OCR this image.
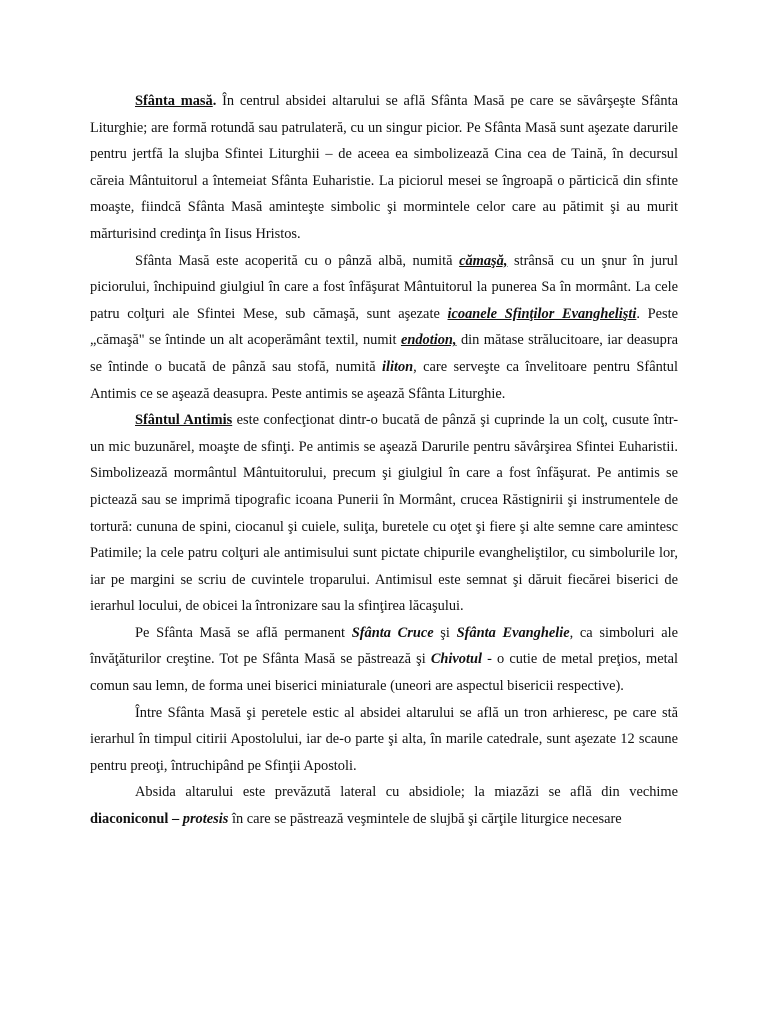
Sfânta masă. În centrul absidei altarului se află Sfânta Masă pe care se săvârşeşte Sfânta Liturghie; are formă rotundă sau patrulateră, cu un singur picior. Pe Sfânta Masă sunt aşezate darurile pentru jertfă la slujba Sfintei Liturghii – de aceea ea simbolizează Cina cea de Taină, în decursul căreia Mântuitorul a întemeiat Sfânta Euharistie. La piciorul mesei se îngroapă o părticică din sfinte moaşte, fiindcă Sfânta Masă aminteşte simbolic şi mormintele celor care au pătimit şi au murit mărturisind credinţa în Iisus Hristos.

Sfânta Masă este acoperită cu o pânză albă, numită cămaşă, strânsă cu un şnur în jurul piciorului, închipuind giulgiul în care a fost înfăşurat Mântuitorul la punerea Sa în mormânt. La cele patru colţuri ale Sfintei Mese, sub cămaşă, sunt aşezate icoanele Sfinţilor Evanghelişti. Peste „cămaşă" se întinde un alt acoperământ textil, numit endotion, din mătase strălucitoare, iar deasupra se întinde o bucată de pânză sau stofă, numită iliton, care serveşte ca învelitoare pentru Sfântul Antimis ce se aşează deasupra. Peste antimis se aşează Sfânta Liturghie.

Sfântul Antimis este confecţionat dintr-o bucată de pânză şi cuprinde la un colţ, cusute într-un mic buzunărel, moaşte de sfinţi. Pe antimis se aşează Darurile pentru săvârşirea Sfintei Euharistii. Simbolizează mormântul Mântuitorului, precum şi giulgiul în care a fost înfăşurat. Pe antimis se pictează sau se imprimă tipografic icoana Punerii în Mormânt, crucea Răstignirii şi instrumentele de tortură: cununa de spini, ciocanul şi cuiele, suliţa, buretele cu oţet şi fiere şi alte semne care amintesc Patimile; la cele patru colţuri ale antimisului sunt pictate chipurile evangheliştilor, cu simbolurile lor, iar pe margini se scriu de cuvintele troparului. Antimisul este semnat şi dăruit fiecărei biserici de ierarhul locului, de obicei la întronizare sau la sfinţirea lăcaşului.

Pe Sfânta Masă se află permanent Sfânta Cruce şi Sfânta Evanghelie, ca simboluri ale învăţăturilor creştine. Tot pe Sfânta Masă se păstrează şi Chivotul - o cutie de metal preţios, metal comun sau lemn, de forma unei biserici miniaturale (uneori are aspectul bisericii respective).

Între Sfânta Masă şi peretele estic al absidei altarului se află un tron arhieresc, pe care stă ierarhul în timpul citirii Apostolului, iar de-o parte şi alta, în marile catedrale, sunt aşezate 12 scaune pentru preoţi, întruchipând pe Sfinţii Apostoli.

Absida altarului este prevăzută lateral cu absidiole; la miazăzi se află din vechime diaconiconul – protesis în care se păstrează veşmintele de slujbă şi cărţile liturgice necesare
